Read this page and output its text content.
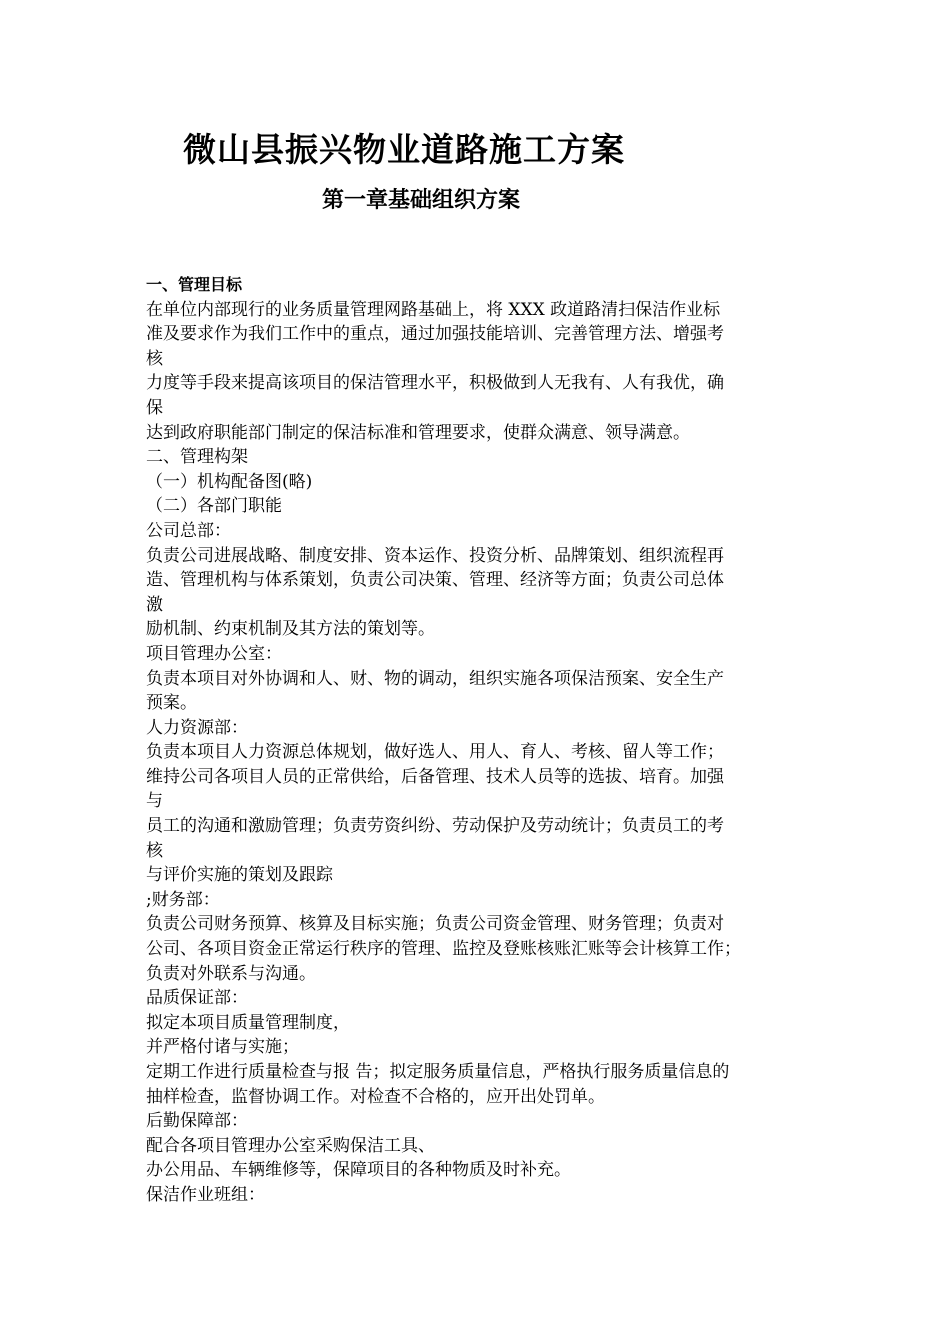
微山县振兴物业道路施工方案
第一章基础组织方案
一、管理目标
在单位内部现行的业务质量管理网路基础上，将 XXX 政道路清扫保洁作业标
准及要求作为我们工作中的重点，通过加强技能培训、完善管理方法、增强考
核
力度等手段来提高该项目的保洁管理水平，积极做到人无我有、人有我优，确
保
达到政府职能部门制定的保洁标准和管理要求，使群众满意、领导满意。
二、管理构架
（一）机构配备图(略)
（二）各部门职能
公司总部：
负责公司进展战略、制度安排、资本运作、投资分析、品牌策划、组织流程再
造、管理机构与体系策划，负责公司决策、管理、经济等方面；负责公司总体
激
励机制、约束机制及其方法的策划等。
项目管理办公室：
负责本项目对外协调和人、财、物的调动，组织实施各项保洁预案、安全生产
预案。
人力资源部：
负责本项目人力资源总体规划，做好选人、用人、育人、考核、留人等工作；
维持公司各项目人员的正常供给，后备管理、技术人员等的选拔、培育。加强
与
员工的沟通和激励管理；负责劳资纠纷、劳动保护及劳动统计；负责员工的考
核
与评价实施的策划及跟踪
;财务部：
负责公司财务预算、核算及目标实施；负责公司资金管理、财务管理；负责对
公司、各项目资金正常运行秩序的管理、监控及登账核账汇账等会计核算工作；
负责对外联系与沟通。
品质保证部：
拟定本项目质量管理制度，
并严格付诸与实施；
定期工作进行质量检查与报 告；拟定服务质量信息，严格执行服务质量信息的
抽样检查，监督协调工作。对检查不合格的，应开出处罚单。
后勤保障部：
配合各项目管理办公室采购保洁工具、
办公用品、车辆维修等，保障项目的各种物质及时补充。
保洁作业班组：
